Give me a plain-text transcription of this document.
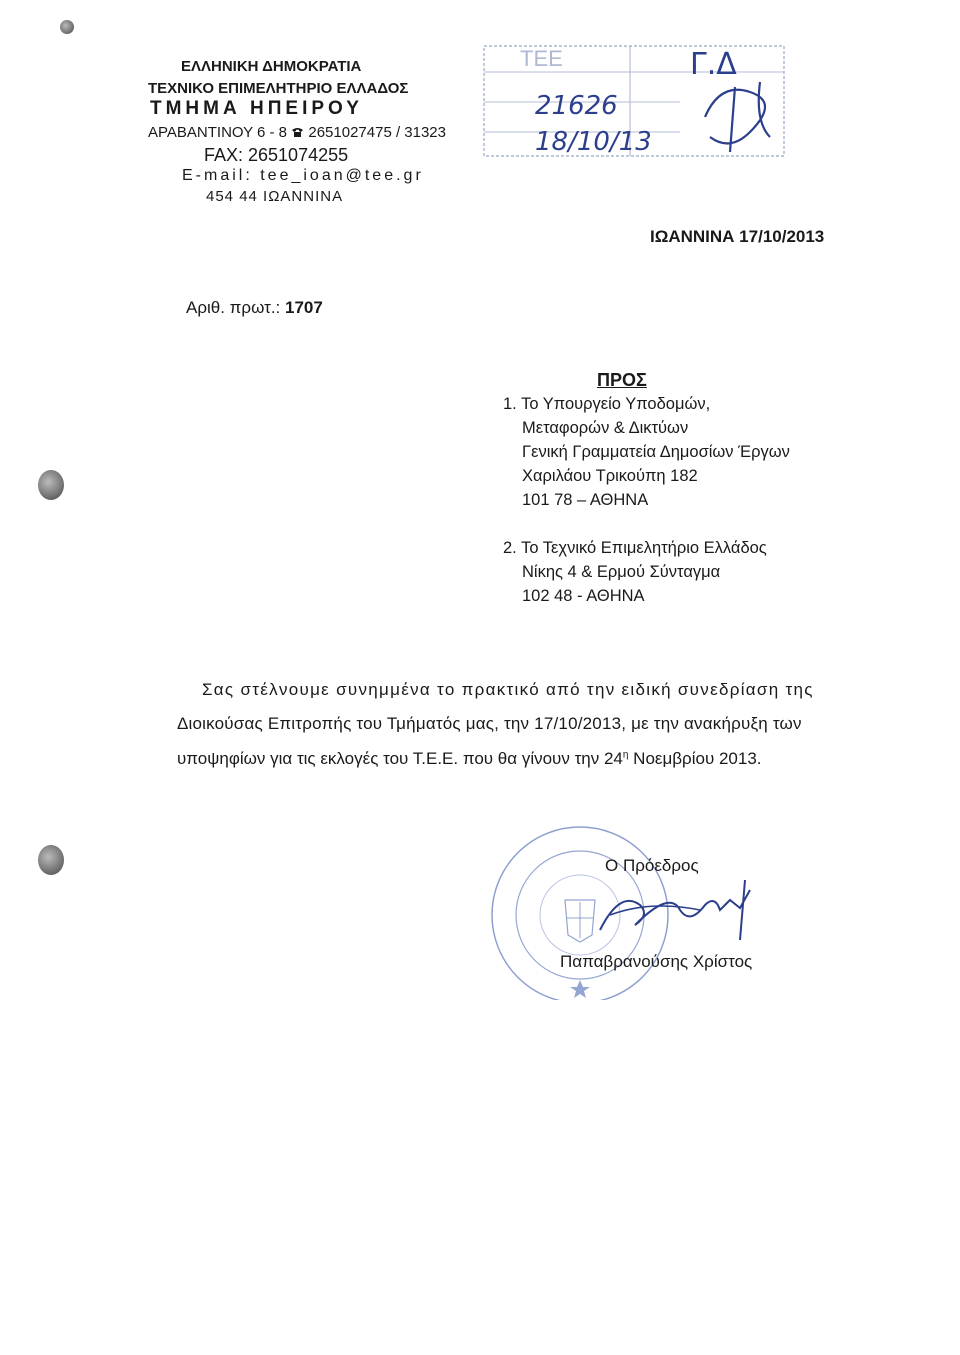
ΕΛΛΗΝΙΚΗ ΔΗΜΟΚΡΑΤΙΑ
ΤΕΧΝΙΚΟ ΕΠΙΜΕΛΗΤΗΡΙΟ ΕΛΛΑΔΟΣ
ΤΜΗΜΑ ΗΠΕΙΡΟΥ
ΑΡΑΒΑΝΤΙΝΟΥ 6 - 8 2651027475 / 31323
FAX: 2651074255
E-mail: tee_ioan@tee.gr
454 44 ΙΩΑΝΝΙΝΑ
ΤΕΕ
21626
18/10/13
Γ.Δ
ΙΩΑΝΝΙΝΑ 17/10/2013
Αριθ. πρωτ.: 1707
ΠΡΟΣ
1. Το Υπουργείο Υποδομών,
Μεταφορών & Δικτύων
Γενική Γραμματεία Δημοσίων Έργων
Χαριλάου Τρικούπη 182
101 78 – ΑΘΗΝΑ
2. Το Τεχνικό Επιμελητήριο Ελλάδος
Νίκης 4 & Ερμού Σύνταγμα
102 48 - ΑΘΗΝΑ
Σας στέλνουμε συνημμένα το πρακτικό από την ειδική συνεδρίαση της
Διοικούσας Επιτροπής του Τμήματός μας, την 17/10/2013, με την ανακήρυξη των
υποψηφίων για τις εκλογές του Τ.Ε.Ε. που θα γίνουν την $24^\eta$ Νοεμβρίου 2013.
Ο Πρόεδρος
Παπαβρανούσης Χρίστος
